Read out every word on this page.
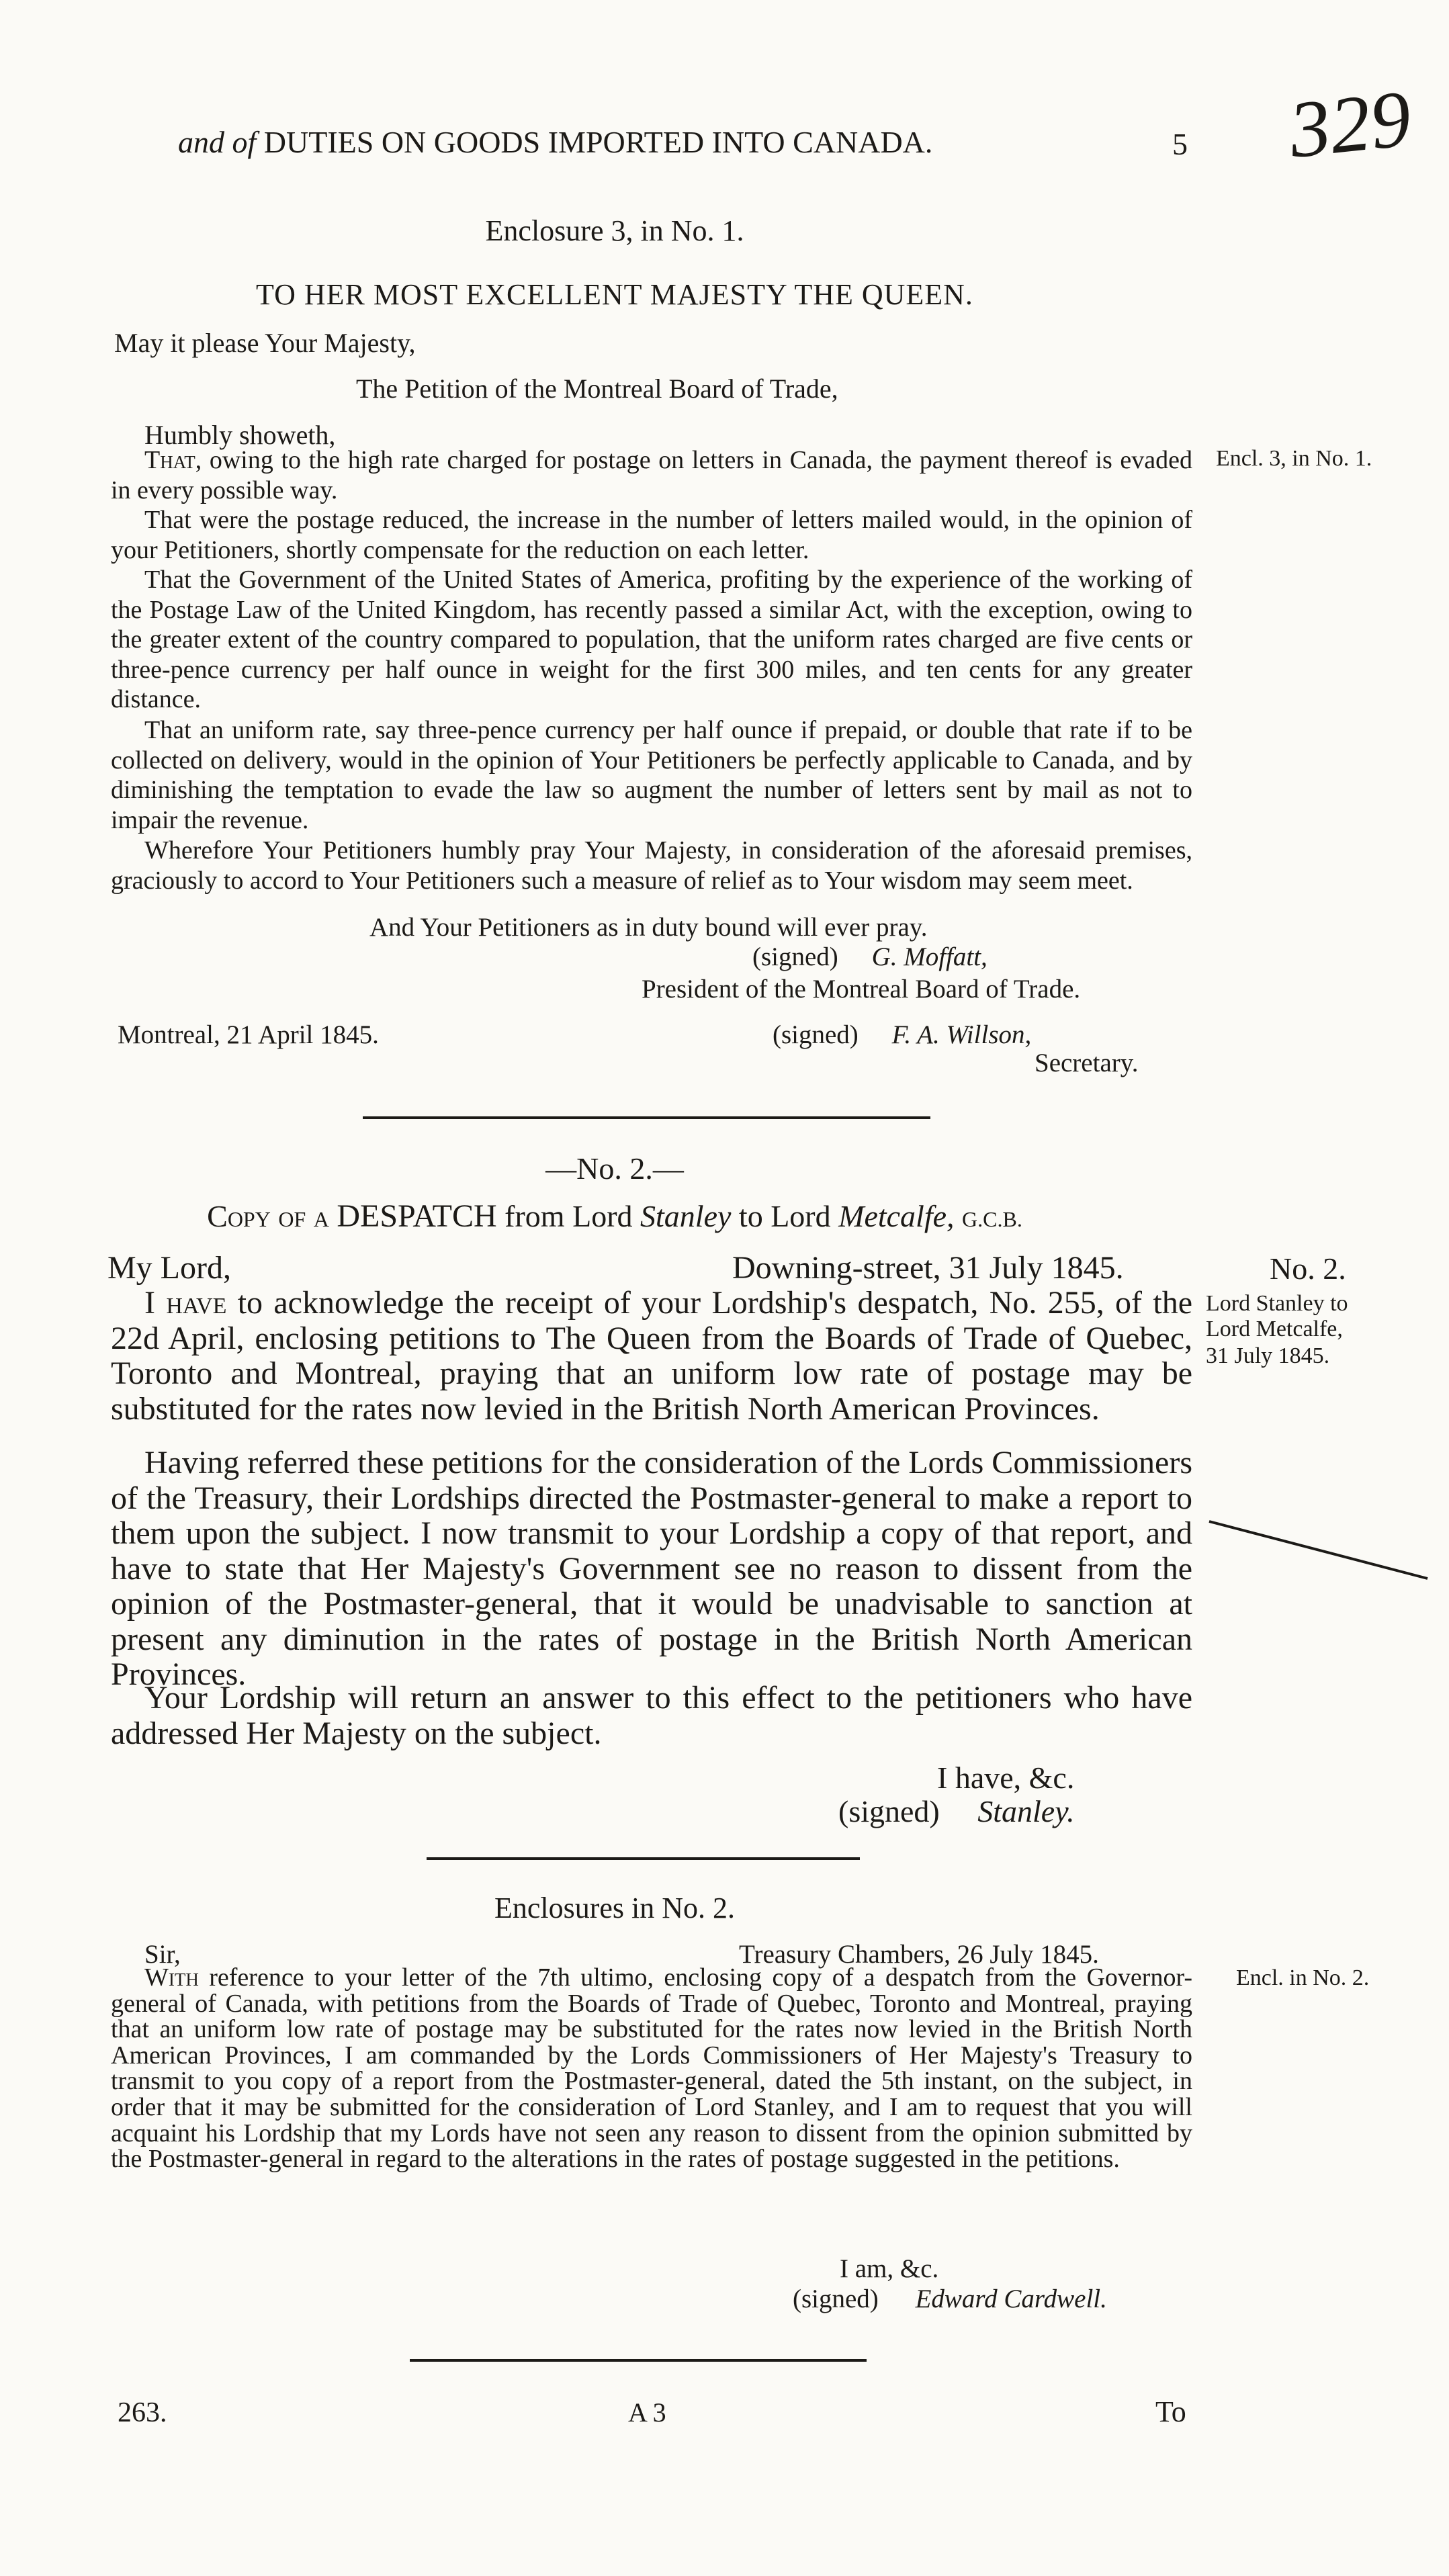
and of DUTIES ON GOODS IMPORTED INTO CANADA.	5 329
Enclosure 3, in No. 1.
TO HER MOST EXCELLENT MAJESTY THE QUEEN.
May it please Your Majesty,
The Petition of the Montreal Board of Trade,
Humbly showeth,
Encl. 3, in No. 1.

That, owing to the high rate charged for postage on letters in Canada, the payment thereof is evaded in every possible way.

That were the postage reduced, the increase in the number of letters mailed would, in the opinion of your Petitioners, shortly compensate for the reduction on each letter.

That the Government of the United States of America, profiting by the experience of the working of the Postage Law of the United Kingdom, has recently passed a similar Act, with the exception, owing to the greater extent of the country compared to population, that the uniform rates charged are five cents or three-pence currency per half ounce in weight for the first 300 miles, and ten cents for any greater distance.

That an uniform rate, say three-pence currency per half ounce if prepaid, or double that rate if to be collected on delivery, would in the opinion of Your Petitioners be perfectly applicable to Canada, and by diminishing the temptation to evade the law so augment the number of letters sent by mail as not to impair the revenue.

Wherefore Your Petitioners humbly pray Your Majesty, in consideration of the aforesaid premises, graciously to accord to Your Petitioners such a measure of relief as to Your wisdom may seem meet.

And Your Petitioners as in duty bound will ever pray.
(signed) G. Moffatt,
President of the Montreal Board of Trade.
Montreal, 21 April 1845.	(signed) F. A. Willson,
Secretary.
—No. 2.—
Copy of a DESPATCH from Lord Stanley to Lord Metcalfe, G.C.B.
My Lord,	Downing-street, 31 July 1845.	No. 2.
Lord Stanley to
Lord Metcalfe,
31 July 1845.

I have to acknowledge the receipt of your Lordship's despatch, No. 255, of the 22d April, enclosing petitions to The Queen from the Boards of Trade of Quebec, Toronto and Montreal, praying that an uniform low rate of postage may be substituted for the rates now levied in the British North American Provinces.

Having referred these petitions for the consideration of the Lords Commissioners of the Treasury, their Lordships directed the Postmaster-general to make a report to them upon the subject. I now transmit to your Lordship a copy of that report, and have to state that Her Majesty's Government see no reason to dissent from the opinion of the Postmaster-general, that it would be unadvisable to sanction at present any diminution in the rates of postage in the British North American Provinces.

Your Lordship will return an answer to this effect to the petitioners who have addressed Her Majesty on the subject.

I have, &c.
(signed) Stanley.
Enclosures in No. 2.
Sir,	Treasury Chambers, 26 July 1845.
Encl. in No. 2.

With reference to your letter of the 7th ultimo, enclosing copy of a despatch from the Governor-general of Canada, with petitions from the Boards of Trade of Quebec, Toronto and Montreal, praying that an uniform low rate of postage may be substituted for the rates now levied in the British North American Provinces, I am commanded by the Lords Commissioners of Her Majesty's Treasury to transmit to you copy of a report from the Postmaster-general, dated the 5th instant, on the subject, in order that it may be submitted for the consideration of Lord Stanley, and I am to request that you will acquaint his Lordship that my Lords have not seen any reason to dissent from the opinion submitted by the Postmaster-general in regard to the alterations in the rates of postage suggested in the petitions.

I am, &c.
(signed) Edward Cardwell.
263.	A 3	To
